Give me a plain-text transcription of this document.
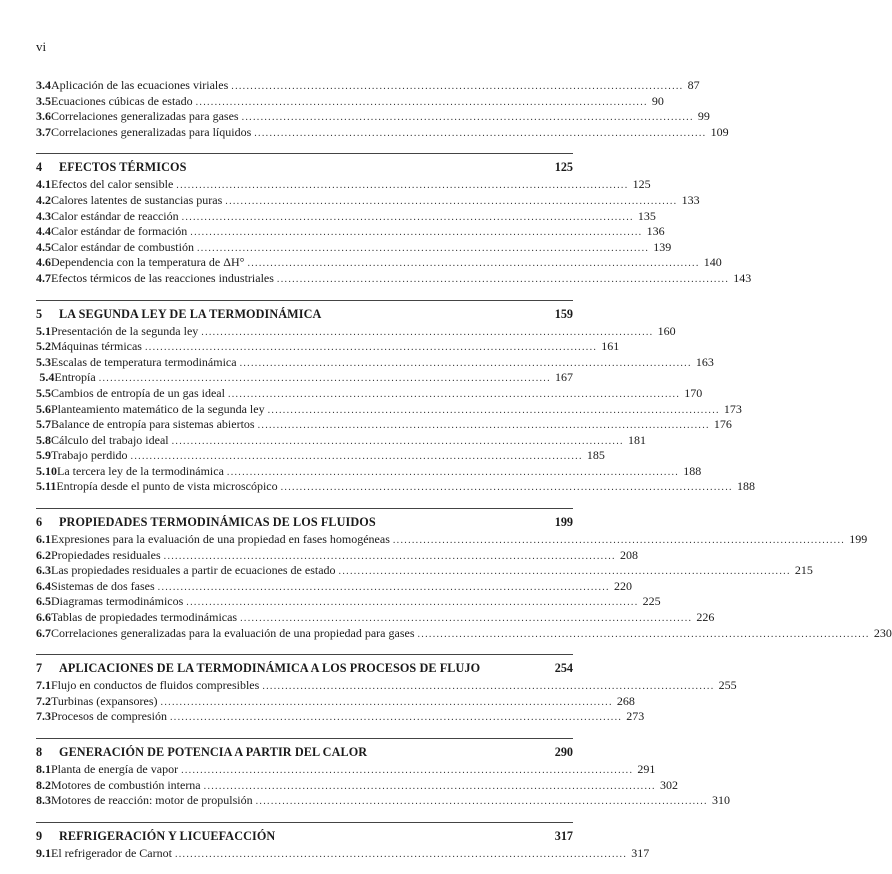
vi
3.4 Aplicación de las ecuaciones viriales . . .	87
3.5 Ecuaciones cúbicas de estado . . .	90
3.6 Correlaciones generalizadas para gases . . .	99
3.7 Correlaciones generalizadas para líquidos . . .	109
4	EFECTOS TÉRMICOS	125
4.1 Efectos del calor sensible . . .	125
4.2 Calores latentes de sustancias puras . . .	133
4.3 Calor estándar de reacción . . .	135
4.4 Calor estándar de formación . . .	136
4.5 Calor estándar de combustión . . .	139
4.6 Dependencia con la temperatura de ΔH° . . .	140
4.7 Efectos térmicos de las reacciones industriales . . .	143
5	LA SEGUNDA LEY DE LA TERMODINÁMICA	159
5.1 Presentación de la segunda ley . . .	160
5.2 Máquinas térmicas . . .	161
5.3 Escalas de temperatura termodinámica . . .	163
5.4 Entropía . . .	167
5.5 Cambios de entropía de un gas ideal . . .	170
5.6 Planteamiento matemático de la segunda ley . . .	173
5.7 Balance de entropía para sistemas abiertos . . .	176
5.8 Cálculo del trabajo ideal . . .	181
5.9 Trabajo perdido . . .	185
5.10 La tercera ley de la termodinámica . . .	188
5.11 Entropía desde el punto de vista microscópico . . .	188
6	PROPIEDADES TERMODINÁMICAS DE LOS FLUIDOS	199
6.1 Expresiones para la evaluación de una propiedad en fases homogéneas . . .	199
6.2 Propiedades residuales . . .	208
6.3 Las propiedades residuales a partir de ecuaciones de estado . . .	215
6.4 Sistemas de dos fases . . .	220
6.5 Diagramas termodinámicos . . .	225
6.6 Tablas de propiedades termodinámicas . . .	226
6.7 Correlaciones generalizadas para la evaluación de una propiedad para gases . . .	230
7	APLICACIONES DE LA TERMODINÁMICA A LOS PROCESOS DE FLUJO	254
7.1 Flujo en conductos de fluidos compresibles . . .	255
7.2 Turbinas (expansores) . . .	268
7.3 Procesos de compresión . . .	273
8	GENERACIÓN DE POTENCIA A PARTIR DEL CALOR	290
8.1 Planta de energía de vapor . . .	291
8.2 Motores de combustión interna . . .	302
8.3 Motores de reacción: motor de propulsión . . .	310
9	REFRIGERACIÓN Y LICUEFACCIÓN	317
9.1 El refrigerador de Carnot . . .	317
